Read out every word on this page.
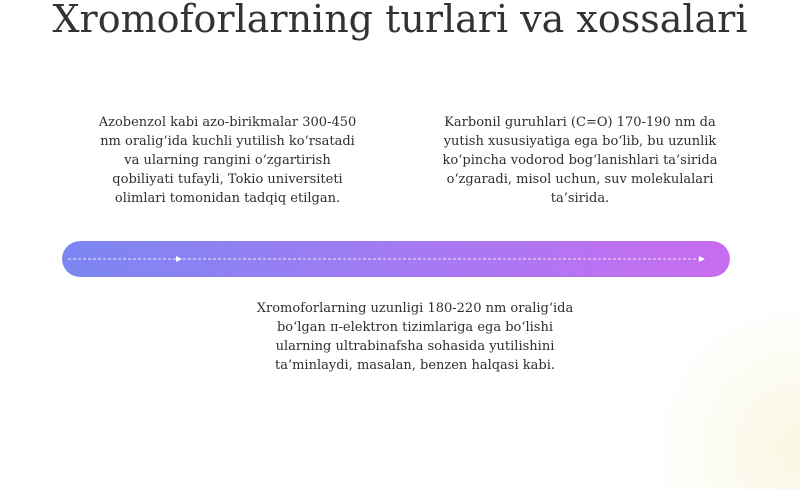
Xromoforlarning turlari va xossalari

Azobenzol kabi azo-birikmalar 300-450
nm oralig‘ida kuchli yutilish ko‘rsatadi
va ularning rangini o‘zgartirish
qobiliyati tufayli, Tokio universiteti
olimlari tomonidan tadqiq etilgan.

Karbonil guruhlari (C=O) 170-190 nm da
yutish xususiyatiga ega bo‘lib, bu uzunlik
ko‘pincha vodorod bog‘lanishlari ta’sirida
o‘zgaradi, misol uchun, suv molekulalari
ta’sirida.

Xromoforlarning uzunligi 180-220 nm oralig‘ida
bo‘lgan π-elektron tizimlariga ega bo‘lishi
ularning ultrabinafsha sohasida yutilishini
ta’minlaydi, masalan, benzen halqasi kabi.
